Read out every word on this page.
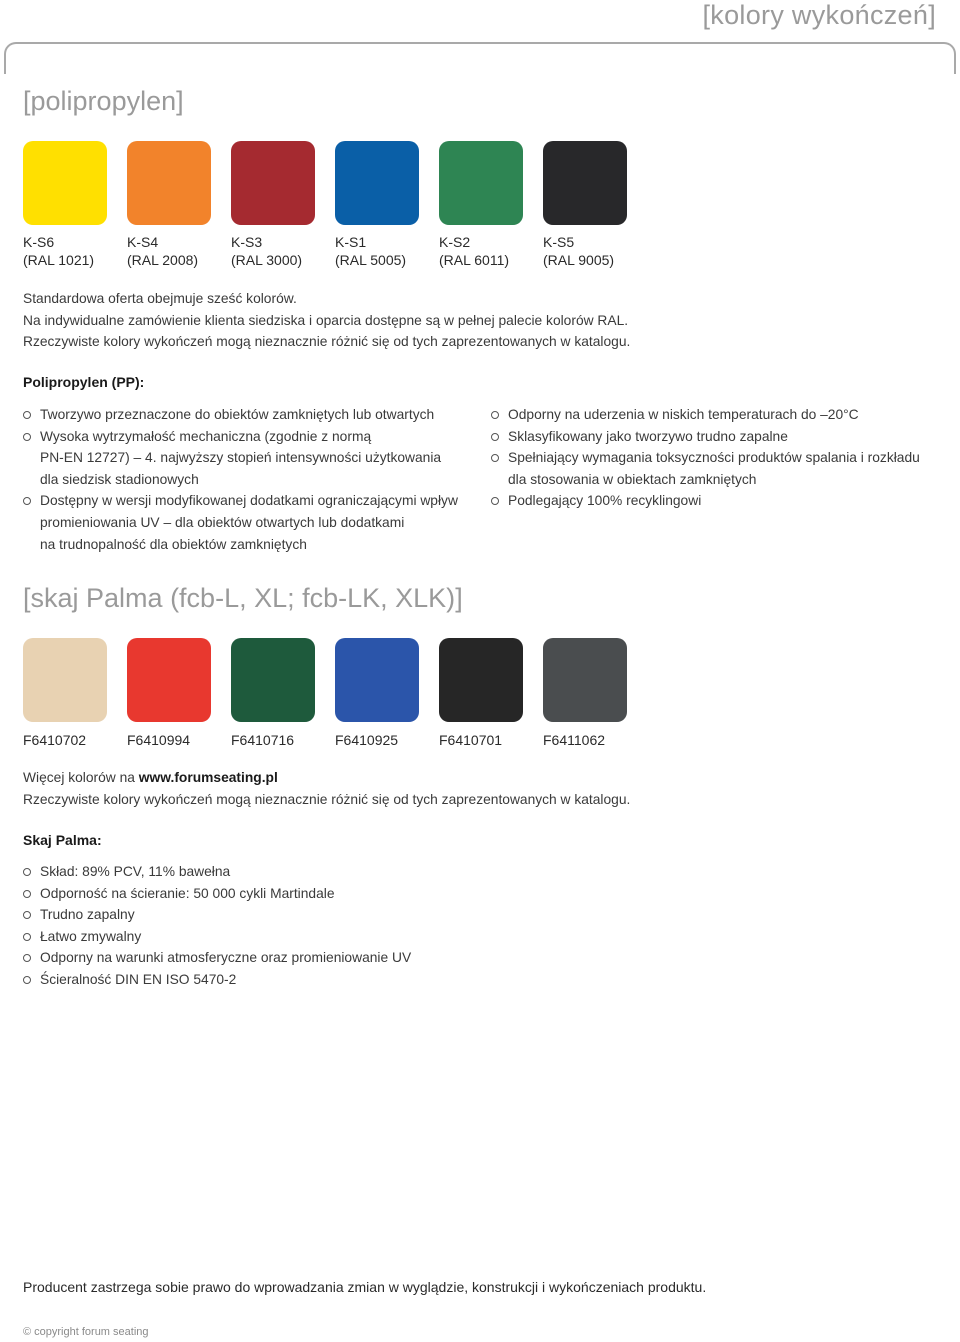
[kolory wykończeń]
[polipropylen]
K-S6
(RAL 1021)
K-S4
(RAL 2008)
K-S3
(RAL 3000)
K-S1
(RAL 5005)
K-S2
(RAL 6011)
K-S5
(RAL 9005)
Standardowa oferta obejmuje sześć kolorów.
Na indywidualne zamówienie klienta siedziska i oparcia dostępne są w pełnej palecie kolorów RAL.
Rzeczywiste kolory wykończeń mogą nieznacznie różnić się od tych zaprezentowanych w katalogu.
Polipropylen (PP):
Tworzywo przeznaczone do obiektów zamkniętych lub otwartych
Wysoka wytrzymałość mechaniczna (zgodnie z normą
PN-EN 12727) – 4. najwyższy stopień intensywności użytkowania
dla siedzisk stadionowych
Dostępny w wersji modyfikowanej dodatkami ograniczającymi wpływ
promieniowania UV – dla obiektów otwartych lub dodatkami
na trudnopalność dla obiektów zamkniętych
Odporny na uderzenia w niskich temperaturach do –20°C
Sklasyfikowany jako tworzywo trudno zapalne
Spełniający wymagania toksyczności produktów spalania i rozkładu
dla stosowania w obiektach zamkniętych
Podlegający 100% recyklingowi
[skaj Palma (fcb-L, XL; fcb-LK, XLK)]
F6410702	F6410994	F6410716	F6410925	F6410701	F6411062
Więcej kolorów na www.forumseating.pl
Rzeczywiste kolory wykończeń mogą nieznacznie różnić się od tych zaprezentowanych w katalogu.
Skaj Palma:
Skład: 89% PCV, 11% bawełna
Odporność na ścieranie: 50 000 cykli Martindale
Trudno zapalny
Łatwo zmywalny
Odporny na warunki atmosferyczne oraz promieniowanie UV
Ścieralność DIN EN ISO 5470-2
Producent zastrzega sobie prawo do wprowadzania zmian w wyglądzie, konstrukcji i wykończeniach produktu.
© copyright forum seating
